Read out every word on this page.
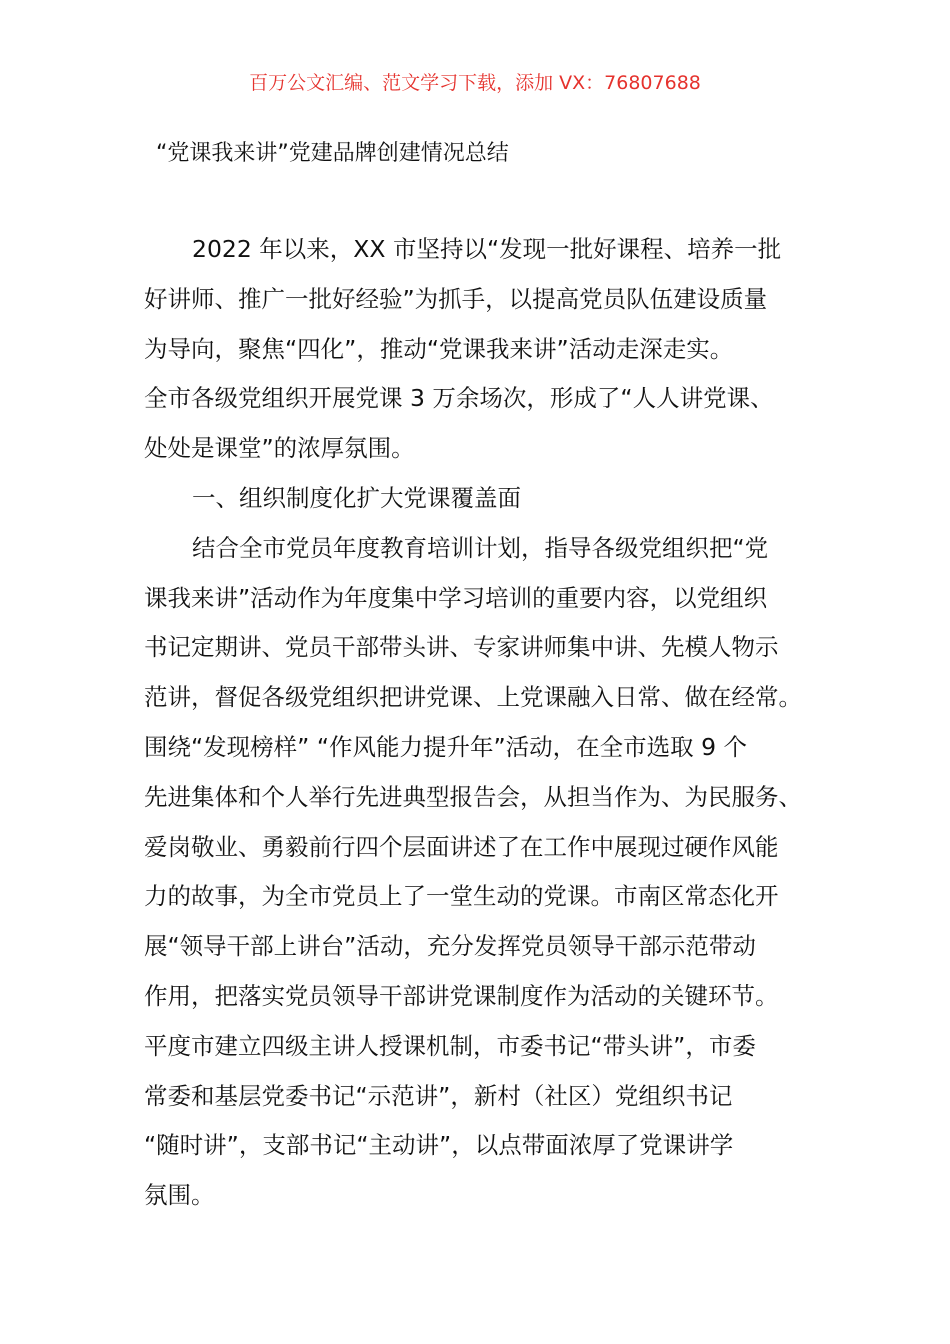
百万公文汇编、范文学习下载，添加 VX：76807688
“党课我来讲”党建品牌创建情况总结
2022 年以来，XX 市坚持以“发现一批好课程、培养一批
好讲师、推广一批好经验”为抓手，以提高党员队伍建设质量
为导向，聚焦“四化”，推动“党课我来讲”活动走深走实。
全市各级党组织开展党课 3 万余场次，形成了“人人讲党课、
处处是课堂”的浓厚氛围。
一、组织制度化扩大党课覆盖面
结合全市党员年度教育培训计划，指导各级党组织把“党
课我来讲”活动作为年度集中学习培训的重要内容，以党组织
书记定期讲、党员干部带头讲、专家讲师集中讲、先模人物示
范讲，督促各级党组织把讲党课、上党课融入日常、做在经常。
围绕“发现榜样” “作风能力提升年”活动，在全市选取 9 个
先进集体和个人举行先进典型报告会，从担当作为、为民服务、
爱岗敬业、勇毅前行四个层面讲述了在工作中展现过硬作风能
力的故事，为全市党员上了一堂生动的党课。市南区常态化开
展“领导干部上讲台”活动，充分发挥党员领导干部示范带动
作用，把落实党员领导干部讲党课制度作为活动的关键环节。
平度市建立四级主讲人授课机制，市委书记“带头讲”，市委
常委和基层党委书记“示范讲”，新村（社区）党组织书记
“随时讲”，支部书记“主动讲”，以点带面浓厚了党课讲学
氛围。
